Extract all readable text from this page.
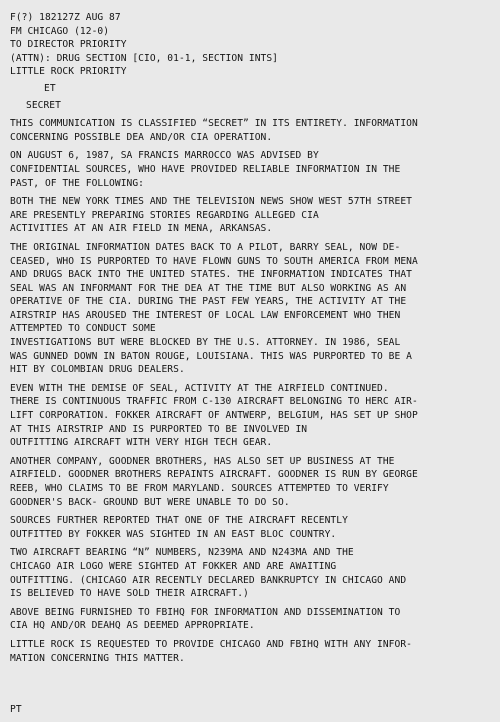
F(?) 182127Z AUG 87
FM CHICAGO (12-0)
TO DIRECTOR PRIORITY
(ATTN): DRUG SECTION [CIO, 01-1, SECTION INTS]
LITTLE ROCK PRIORITY
ET
SECRET
THIS COMMUNICATION IS CLASSIFIED “SECRET” IN ITS ENTIRETY. INFORMATION
CONCERNING POSSIBLE DEA AND/OR CIA OPERATION.
ON AUGUST 6, 1987, SA FRANCIS MARROCCO WAS ADVISED BY
CONFIDENTIAL SOURCES, WHO HAVE PROVIDED RELIABLE INFORMATION IN THE
PAST, OF THE FOLLOWING:
BOTH THE NEW YORK TIMES AND THE TELEVISION NEWS SHOW WEST 57TH STREET
ARE PRESENTLY PREPARING STORIES REGARDING ALLEGED CIA
ACTIVITIES AT AN AIR FIELD IN MENA, ARKANSAS.
THE ORIGINAL INFORMATION DATES BACK TO A PILOT, BARRY SEAL, NOW DE-
CEASED, WHO IS PURPORTED TO HAVE FLOWN GUNS TO SOUTH AMERICA FROM MENA
AND DRUGS BACK INTO THE UNITED STATES. THE INFORMATION INDICATES THAT
SEAL WAS AN INFORMANT FOR THE DEA AT THE TIME BUT ALSO WORKING AS AN
OPERATIVE OF THE CIA. DURING THE PAST FEW YEARS, THE ACTIVITY AT THE
AIRSTRIP HAS AROUSED THE INTEREST OF LOCAL LAW ENFORCEMENT WHO THEN
ATTEMPTED TO CONDUCT SOME
INVESTIGATIONS BUT WERE BLOCKED BY THE U.S. ATTORNEY. IN 1986, SEAL
WAS GUNNED DOWN IN BATON ROUGE, LOUISIANA. THIS WAS PURPORTED TO BE A
HIT BY COLOMBIAN DRUG DEALERS.
EVEN WITH THE DEMISE OF SEAL, ACTIVITY AT THE AIRFIELD CONTINUED.
THERE IS CONTINUOUS TRAFFIC FROM C-130 AIRCRAFT BELONGING TO HERC AIR-
LIFT CORPORATION. FOKKER AIRCRAFT OF ANTWERP, BELGIUM, HAS SET UP SHOP
AT THIS AIRSTRIP AND IS PURPORTED TO BE INVOLVED IN
OUTFITTING AIRCRAFT WITH VERY HIGH TECH GEAR.
ANOTHER COMPANY, GOODNER BROTHERS, HAS ALSO SET UP BUSINESS AT THE
AIRFIELD. GOODNER BROTHERS REPAINTS AIRCRAFT. GOODNER IS RUN BY GEORGE
REEB, WHO CLAIMS TO BE FROM MARYLAND. SOURCES ATTEMPTED TO VERIFY
GOODNER'S BACK- GROUND BUT WERE UNABLE TO DO SO.
SOURCES FURTHER REPORTED THAT ONE OF THE AIRCRAFT RECENTLY
OUTFITTED BY FOKKER WAS SIGHTED IN AN EAST BLOC COUNTRY.
TWO AIRCRAFT BEARING “N” NUMBERS, N239MA AND N243MA AND THE
CHICAGO AIR LOGO WERE SIGHTED AT FOKKER AND ARE AWAITING
OUTFITTING. (CHICAGO AIR RECENTLY DECLARED BANKRUPTCY IN CHICAGO AND
IS BELIEVED TO HAVE SOLD THEIR AIRCRAFT.)
ABOVE BEING FURNISHED TO FBIHQ FOR INFORMATION AND DISSEMINATION TO
CIA HQ AND/OR DEAHQ AS DEEMED APPROPRIATE.
LITTLE ROCK IS REQUESTED TO PROVIDE CHICAGO AND FBIHQ WITH ANY INFOR-
MATION CONCERNING THIS MATTER.
PT
